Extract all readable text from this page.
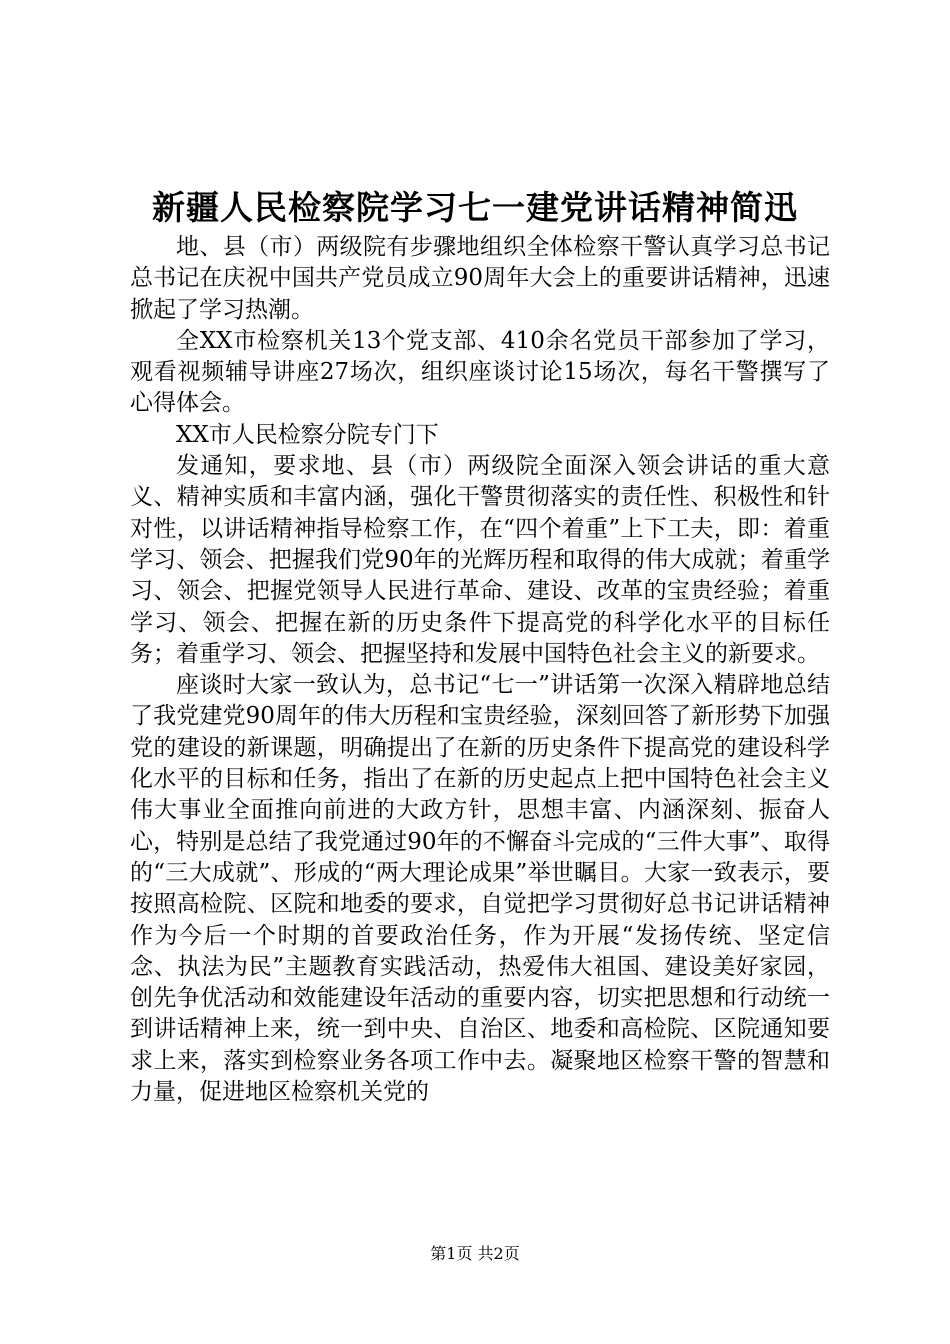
新疆人民检察院学习七一建党讲话精神简迅

地、县（市）两级院有步骤地组织全体检察干警认真学习总书记总书记在庆祝中国共产党员成立90周年大会上的重要讲话精神，迅速掀起了学习热潮。

全XX市检察机关13个党支部、410余名党员干部参加了学习，观看视频辅导讲座27场次，组织座谈讨论15场次，每名干警撰写了心得体会。

XX市人民检察分院专门下

发通知，要求地、县（市）两级院全面深入领会讲话的重大意义、精神实质和丰富内涵，强化干警贯彻落实的责任性、积极性和针对性，以讲话精神指导检察工作，在“四个着重”上下工夫，即：着重学习、领会、把握我们党90年的光辉历程和取得的伟大成就；着重学习、领会、把握党领导人民进行革命、建设、改革的宝贵经验；着重学习、领会、把握在新的历史条件下提高党的科学化水平的目标任务；着重学习、领会、把握坚持和发展中国特色社会主义的新要求。

座谈时大家一致认为，总书记“七一”讲话第一次深入精辟地总结了我党建党90周年的伟大历程和宝贵经验，深刻回答了新形势下加强党的建设的新课题，明确提出了在新的历史条件下提高党的建设科学化水平的目标和任务，指出了在新的历史起点上把中国特色社会主义伟大事业全面推向前进的大政方针，思想丰富、内涵深刻、振奋人心，特别是总结了我党通过90年的不懈奋斗完成的“三件大事”、取得的“三大成就”、形成的“两大理论成果”举世瞩目。大家一致表示，要按照高检院、区院和地委的要求，自觉把学习贯彻好总书记讲话精神作为今后一个时期的首要政治任务，作为开展“发扬传统、坚定信念、执法为民”主题教育实践活动，热爱伟大祖国、建设美好家园，创先争优活动和效能建设年活动的重要内容，切实把思想和行动统一到讲话精神上来，统一到中央、自治区、地委和高检院、区院通知要求上来，落实到检察业务各项工作中去。凝聚地区检察干警的智慧和力量，促进地区检察机关党的

第1页 共2页
